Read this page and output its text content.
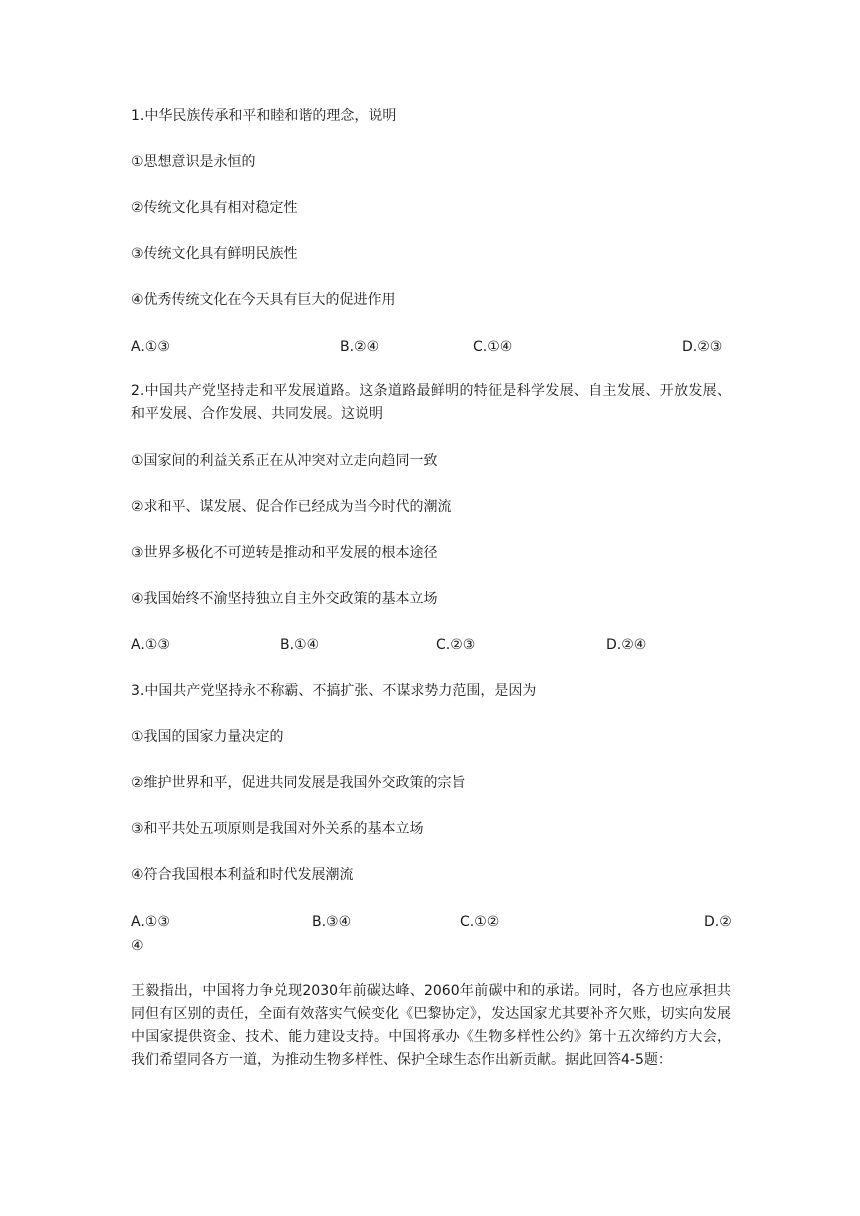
1.中华民族传承和平和睦和谐的理念，说明
①思想意识是永恒的
②传统文化具有相对稳定性
③传统文化具有鲜明民族性
④优秀传统文化在今天具有巨大的促进作用
A.①③	B.②④	C.①④	D.②③
2.中国共产党坚持走和平发展道路。这条道路最鲜明的特征是科学发展、自主发展、开放发展、和平发展、合作发展、共同发展。这说明
①国家间的利益关系正在从冲突对立走向趋同一致
②求和平、谋发展、促合作已经成为当今时代的潮流
③世界多极化不可逆转是推动和平发展的根本途径
④我国始终不渝坚持独立自主外交政策的基本立场
A.①③	B.①④	C.②③	D.②④
3.中国共产党坚持永不称霸、不搞扩张、不谋求势力范围，是因为
①我国的国家力量决定的
②维护世界和平，促进共同发展是我国外交政策的宗旨
③和平共处五项原则是我国对外关系的基本立场
④符合我国根本利益和时代发展潮流
A.①③	B.③④	C.①②	D.②
④
王毅指出，中国将力争兑现2030年前碳达峰、2060年前碳中和的承诺。同时，各方也应承担共同但有区别的责任，全面有效落实气候变化《巴黎协定》，发达国家尤其要补齐欠账，切实向发展中国家提供资金、技术、能力建设支持。中国将承办《生物多样性公约》第十五次缔约方大会，我们希望同各方一道，为推动生物多样性、保护全球生态作出新贡献。据此回答4-5题：
